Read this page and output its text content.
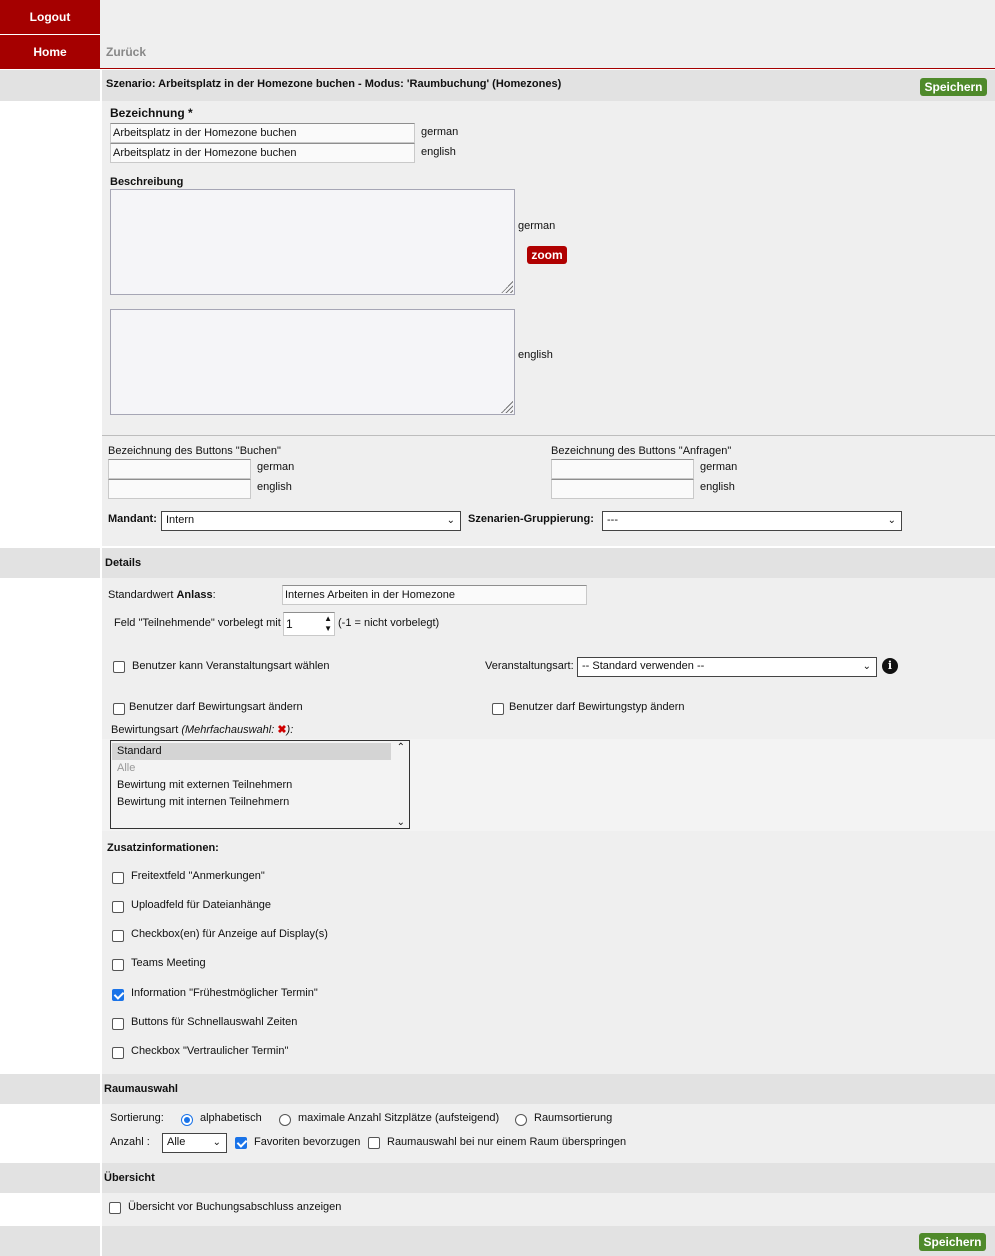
Logout
Home	Zurück
Szenario: Arbeitsplatz in der Homezone buchen - Modus: 'Raumbuchung' (Homezones)	Speichern
Bezeichnung *
Arbeitsplatz in der Homezone buchen	german
Arbeitsplatz in der Homezone buchen	english
Beschreibung
german
zoom
english
Bezeichnung des Buttons "Buchen"
german
english
Bezeichnung des Buttons "Anfragen"
german
english
Mandant: Intern	⌄ Szenarien-Gruppierung:	---	⌄
Details
Standardwert Anlass:	Internes Arbeiten in der Homezone
Feld "Teilnehmende" vorbelegt mit 1	▲
▼ (-1 = nicht vorbelegt)
Benutzer kann Veranstaltungsart wählen	Veranstaltungsart: -- Standard verwenden --	⌄	i
Benutzer darf Bewirtungsart ändern	Benutzer darf Bewirtungstyp ändern
Bewirtungsart (Mehrfachauswahl: ✖):
Standard
Alle
Bewirtung mit externen Teilnehmern
Bewirtung mit internen Teilnehmern
⌃
⌄
Zusatzinformationen:
Freitextfeld "Anmerkungen"
Uploadfeld für Dateianhänge
Checkbox(en) für Anzeige auf Display(s)
Teams Meeting
Information "Frühestmöglicher Termin"
Buttons für Schnellauswahl Zeiten
Checkbox "Vertraulicher Termin"
Raumauswahl
Sortierung:	alphabetisch	maximale Anzahl Sitzplätze (aufsteigend)	Raumsortierung
Anzahl :	Alle	⌄	Favoriten bevorzugen Raumauswahl bei nur einem Raum überspringen
Übersicht
Übersicht vor Buchungsabschluss anzeigen
Speichern
